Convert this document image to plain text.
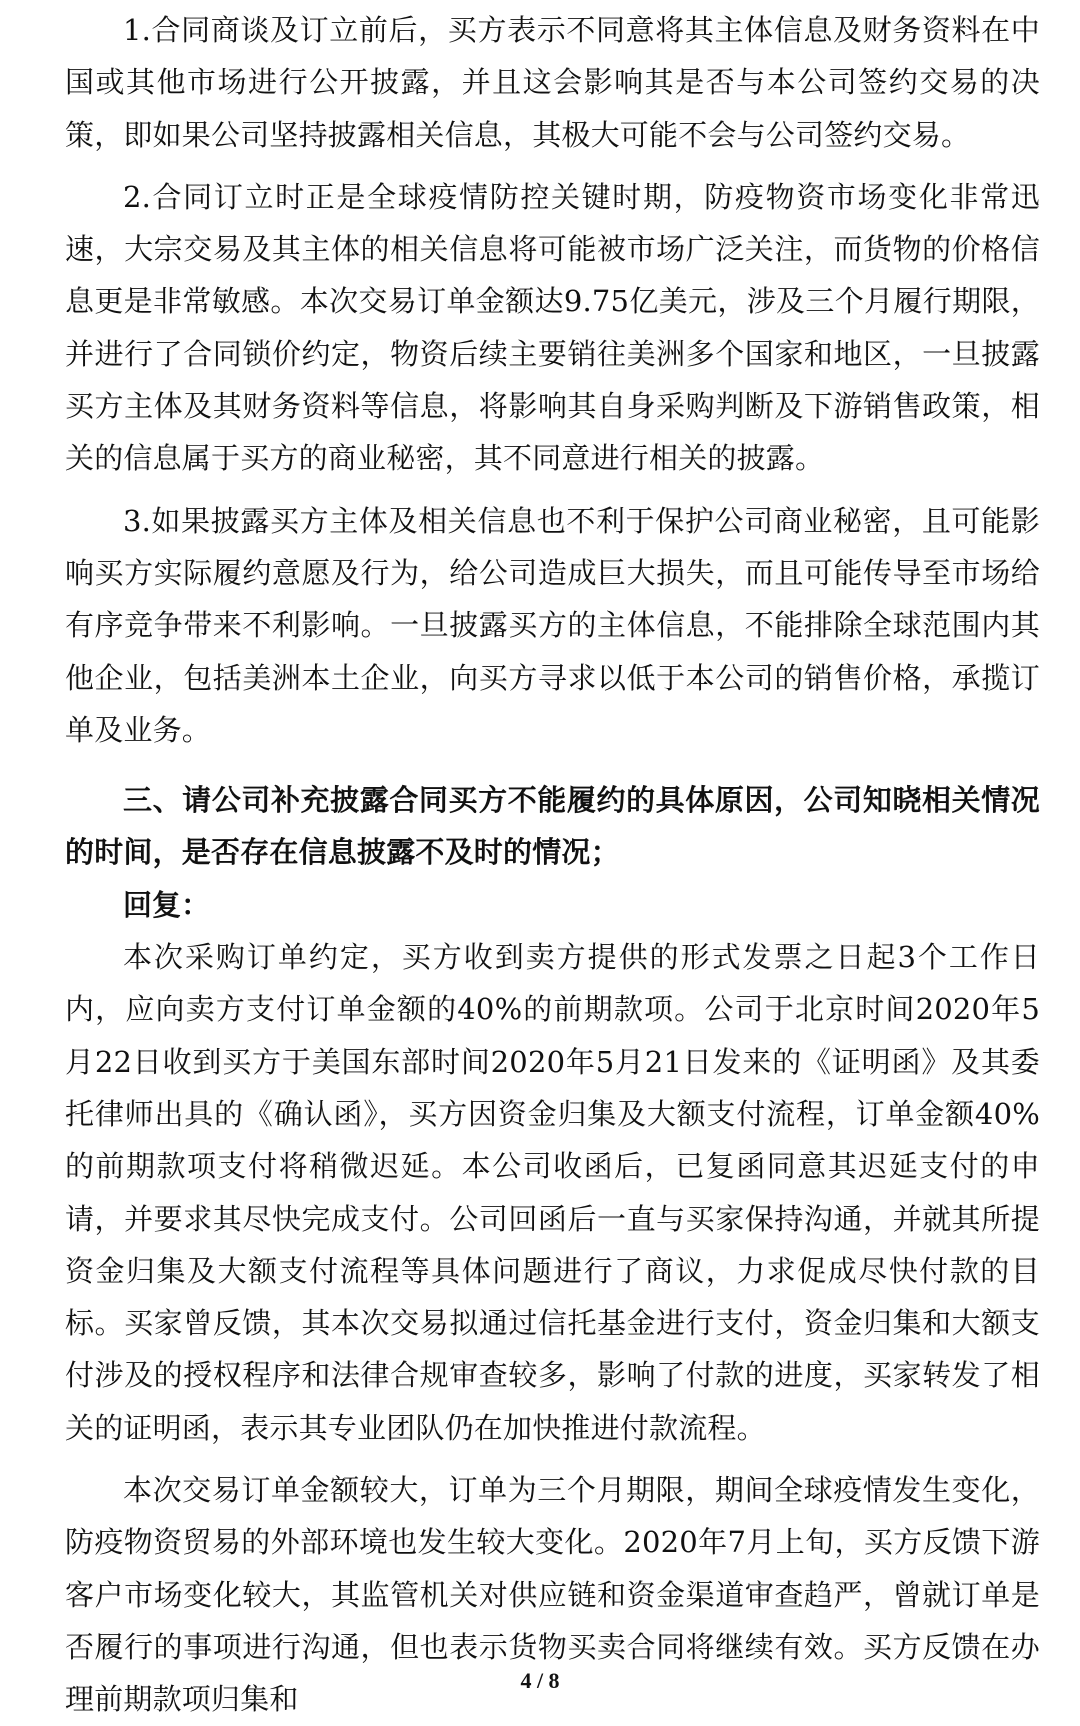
1.合同商谈及订立前后，买方表示不同意将其主体信息及财务资料在中国或其他市场进行公开披露，并且这会影响其是否与本公司签约交易的决策，即如果公司坚持披露相关信息，其极大可能不会与公司签约交易。

2.合同订立时正是全球疫情防控关键时期，防疫物资市场变化非常迅速，大宗交易及其主体的相关信息将可能被市场广泛关注，而货物的价格信息更是非常敏感。本次交易订单金额达9.75亿美元，涉及三个月履行期限，并进行了合同锁价约定，物资后续主要销往美洲多个国家和地区，一旦披露买方主体及其财务资料等信息，将影响其自身采购判断及下游销售政策，相关的信息属于买方的商业秘密，其不同意进行相关的披露。

3.如果披露买方主体及相关信息也不利于保护公司商业秘密，且可能影响买方实际履约意愿及行为，给公司造成巨大损失，而且可能传导至市场给有序竞争带来不利影响。一旦披露买方的主体信息，不能排除全球范围内其他企业，包括美洲本土企业，向买方寻求以低于本公司的销售价格，承揽订单及业务。

三、请公司补充披露合同买方不能履约的具体原因，公司知晓相关情况的时间，是否存在信息披露不及时的情况；

回复：

本次采购订单约定，买方收到卖方提供的形式发票之日起3个工作日内，应向卖方支付订单金额的40%的前期款项。公司于北京时间2020年5月22日收到买方于美国东部时间2020年5月21日发来的《证明函》及其委托律师出具的《确认函》，买方因资金归集及大额支付流程，订单金额40%的前期款项支付将稍微迟延。本公司收函后，已复函同意其迟延支付的申请，并要求其尽快完成支付。公司回函后一直与买家保持沟通，并就其所提资金归集及大额支付流程等具体问题进行了商议，力求促成尽快付款的目标。买家曾反馈，其本次交易拟通过信托基金进行支付，资金归集和大额支付涉及的授权程序和法律合规审查较多，影响了付款的进度，买家转发了相关的证明函，表示其专业团队仍在加快推进付款流程。

本次交易订单金额较大，订单为三个月期限，期间全球疫情发生变化，防疫物资贸易的外部环境也发生较大变化。2020年7月上旬，买方反馈下游客户市场变化较大，其监管机关对供应链和资金渠道审查趋严，曾就订单是否履行的事项进行沟通，但也表示货物买卖合同将继续有效。买方反馈在办理前期款项归集和

4 / 8
